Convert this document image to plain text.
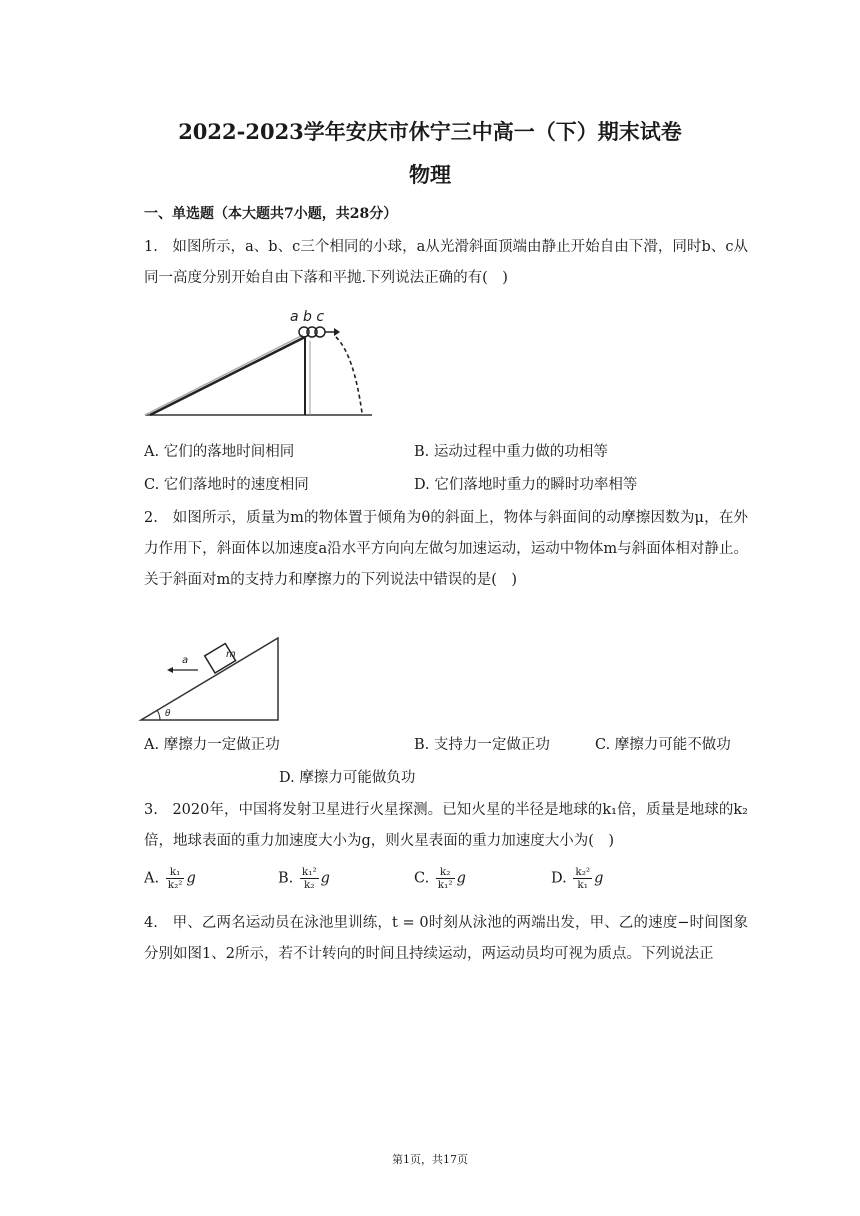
2022-2023学年安庆市休宁三中高一（下）期末试卷
物理
一、单选题（本大题共7小题，共28分）
1.　如图所示，a、b、c三个相同的小球，a从光滑斜面顶端由静止开始自由下滑，同时b、c从同一高度分别开始自由下落和平抛.下列说法正确的有(　)
a b c
A. 它们的落地时间相同	B. 运动过程中重力做的功相等
C. 它们落地时的速度相同	D. 它们落地时重力的瞬时功率相等
2.　如图所示，质量为m的物体置于倾角为θ的斜面上，物体与斜面间的动摩擦因数为μ，在外力作用下，斜面体以加速度a沿水平方向向左做匀加速运动，运动中物体m与斜面体相对静止。关于斜面对m的支持力和摩擦力的下列说法中错误的是(　)
m
a
θ
A. 摩擦力一定做正功	B. 支持力一定做正功	C. 摩擦力可能不做功
D. 摩擦力可能做负功
3.　2020年，中国将发射卫星进行火星探测。已知火星的半径是地球的k₁倍，质量是地球的k₂倍，地球表面的重力加速度大小为g，则火星表面的重力加速度大小为(　)
A. $\frac{\text{k₁}}{\text{k₂²}}$ g	B. $\frac{\text{k₁²}}{\text{k₂}}$ g	C. $\frac{\text{k₂}}{\text{k₁²}}$ g	D. $\frac{\text{k₂²}}{\text{k₁}}$ g
4.　甲、乙两名运动员在泳池里训练，t = 0时刻从泳池的两端出发，甲、乙的速度−时间图象分别如图1、2所示，若不计转向的时间且持续运动，两运动员均可视为质点。下列说法正
第1页，共17页
